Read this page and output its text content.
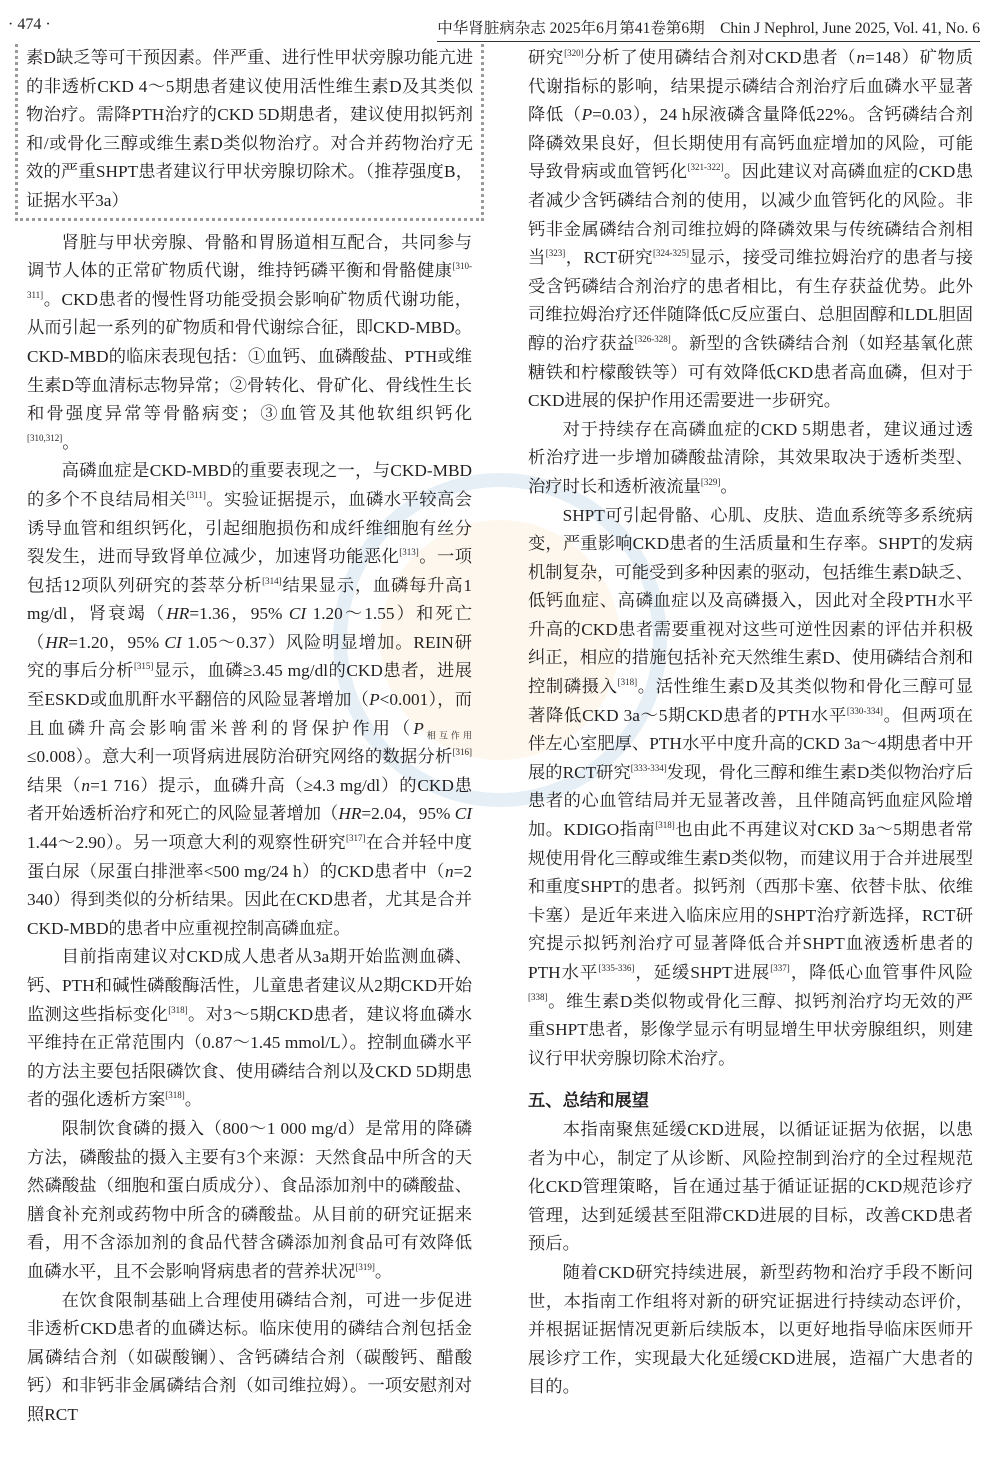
· 474 ·	中华肾脏病杂志 2025年6月第41卷第6期　Chin J Nephrol, June 2025, Vol. 41, No. 6

素D缺乏等可干预因素。伴严重、进行性甲状旁腺功能亢进的非透析CKD 4～5期患者建议使用活性维生素D及其类似物治疗。需降PTH治疗的CKD 5D期患者，建议使用拟钙剂和/或骨化三醇或维生素D类似物治疗。对合并药物治疗无效的严重SHPT患者建议行甲状旁腺切除术。（推荐强度B，证据水平3a）

肾脏与甲状旁腺、骨骼和胃肠道相互配合，共同参与调节人体的正常矿物质代谢，维持钙磷平衡和骨骼健康[310-311]。CKD患者的慢性肾功能受损会影响矿物质代谢功能，从而引起一系列的矿物质和骨代谢综合征，即CKD-MBD。CKD-MBD的临床表现包括：①血钙、血磷酸盐、PTH或维生素D等血清标志物异常；②骨转化、骨矿化、骨线性生长和骨强度异常等骨骼病变；③血管及其他软组织钙化[310,312]。

高磷血症是CKD-MBD的重要表现之一，与CKD-MBD的多个不良结局相关[311]。实验证据提示，血磷水平较高会诱导血管和组织钙化，引起细胞损伤和成纤维细胞有丝分裂发生，进而导致肾单位减少，加速肾功能恶化[313]。一项包括12项队列研究的荟萃分析[314]结果显示，血磷每升高1 mg/dl，肾衰竭（HR=1.36，95% CI 1.20～1.55）和死亡（HR=1.20，95% CI 1.05～0.37）风险明显增加。REIN研究的事后分析[315]显示，血磷≥3.45 mg/dl的CKD患者，进展至ESKD或血肌酐水平翻倍的风险显著增加（P<0.001），而且血磷升高会影响雷米普利的肾保护作用$(P_{相互作用}\le 0.008)$。意大利一项肾病进展防治研究网络的数据分析[316]结果（n=1 716）提示，血磷升高（≥4.3 mg/dl）的CKD患者开始透析治疗和死亡的风险显著增加（HR=2.04，95% CI 1.44～2.90）。另一项意大利的观察性研究[317]在合并轻中度蛋白尿（尿蛋白排泄率<500 mg/24 h）的CKD患者中（n=2 340）得到类似的分析结果。因此在CKD患者，尤其是合并CKD-MBD的患者中应重视控制高磷血症。

目前指南建议对CKD成人患者从3a期开始监测血磷、钙、PTH和碱性磷酸酶活性，儿童患者建议从2期CKD开始监测这些指标变化[318]。对3～5期CKD患者，建议将血磷水平维持在正常范围内（0.87～1.45 mmol/L）。控制血磷水平的方法主要包括限磷饮食、使用磷结合剂以及CKD 5D期患者的强化透析方案[318]。

限制饮食磷的摄入（800～1 000 mg/d）是常用的降磷方法，磷酸盐的摄入主要有3个来源：天然食品中所含的天然磷酸盐（细胞和蛋白质成分）、食品添加剂中的磷酸盐、膳食补充剂或药物中所含的磷酸盐。从目前的研究证据来看，用不含添加剂的食品代替含磷添加剂食品可有效降低血磷水平，且不会影响肾病患者的营养状况[319]。

在饮食限制基础上合理使用磷结合剂，可进一步促进非透析CKD患者的血磷达标。临床使用的磷结合剂包括金属磷结合剂（如碳酸镧）、含钙磷结合剂（碳酸钙、醋酸钙）和非钙非金属磷结合剂（如司维拉姆）。一项安慰剂对照RCT

研究[320]分析了使用磷结合剂对CKD患者（n=148）矿物质代谢指标的影响，结果提示磷结合剂治疗后血磷水平显著降低（P=0.03），24 h尿液磷含量降低22%。含钙磷结合剂降磷效果良好，但长期使用有高钙血症增加的风险，可能导致骨病或血管钙化[321-322]。因此建议对高磷血症的CKD患者减少含钙磷结合剂的使用，以减少血管钙化的风险。非钙非金属磷结合剂司维拉姆的降磷效果与传统磷结合剂相当[323]，RCT研究[324-325]显示，接受司维拉姆治疗的患者与接受含钙磷结合剂治疗的患者相比，有生存获益优势。此外司维拉姆治疗还伴随降低C反应蛋白、总胆固醇和LDL胆固醇的治疗获益[326-328]。新型的含铁磷结合剂（如羟基氧化蔗糖铁和柠檬酸铁等）可有效降低CKD患者高血磷，但对于CKD进展的保护作用还需要进一步研究。

对于持续存在高磷血症的CKD 5期患者，建议通过透析治疗进一步增加磷酸盐清除，其效果取决于透析类型、治疗时长和透析液流量[329]。

SHPT可引起骨骼、心肌、皮肤、造血系统等多系统病变，严重影响CKD患者的生活质量和生存率。SHPT的发病机制复杂，可能受到多种因素的驱动，包括维生素D缺乏、低钙血症、高磷血症以及高磷摄入，因此对全段PTH水平升高的CKD患者需要重视对这些可逆性因素的评估并积极纠正，相应的措施包括补充天然维生素D、使用磷结合剂和控制磷摄入[318]。活性维生素D及其类似物和骨化三醇可显著降低CKD 3a～5期CKD患者的PTH水平[330-334]。但两项在伴左心室肥厚、PTH水平中度升高的CKD 3a～4期患者中开展的RCT研究[333-334]发现，骨化三醇和维生素D类似物治疗后患者的心血管结局并无显著改善，且伴随高钙血症风险增加。KDIGO指南[318]也由此不再建议对CKD 3a～5期患者常规使用骨化三醇或维生素D类似物，而建议用于合并进展型和重度SHPT的患者。拟钙剂（西那卡塞、依替卡肽、依维卡塞）是近年来进入临床应用的SHPT治疗新选择，RCT研究提示拟钙剂治疗可显著降低合并SHPT血液透析患者的PTH水平[335-336]，延缓SHPT进展[337]，降低心血管事件风险[338]。维生素D类似物或骨化三醇、拟钙剂治疗均无效的严重SHPT患者，影像学显示有明显增生甲状旁腺组织，则建议行甲状旁腺切除术治疗。

五、总结和展望

本指南聚焦延缓CKD进展，以循证证据为依据，以患者为中心，制定了从诊断、风险控制到治疗的全过程规范化CKD管理策略，旨在通过基于循证证据的CKD规范诊疗管理，达到延缓甚至阻滞CKD进展的目标，改善CKD患者预后。

随着CKD研究持续进展，新型药物和治疗手段不断问世，本指南工作组将对新的研究证据进行持续动态评价，并根据证据情况更新后续版本，以更好地指导临床医师开展诊疗工作，实现最大化延缓CKD进展，造福广大患者的目的。
